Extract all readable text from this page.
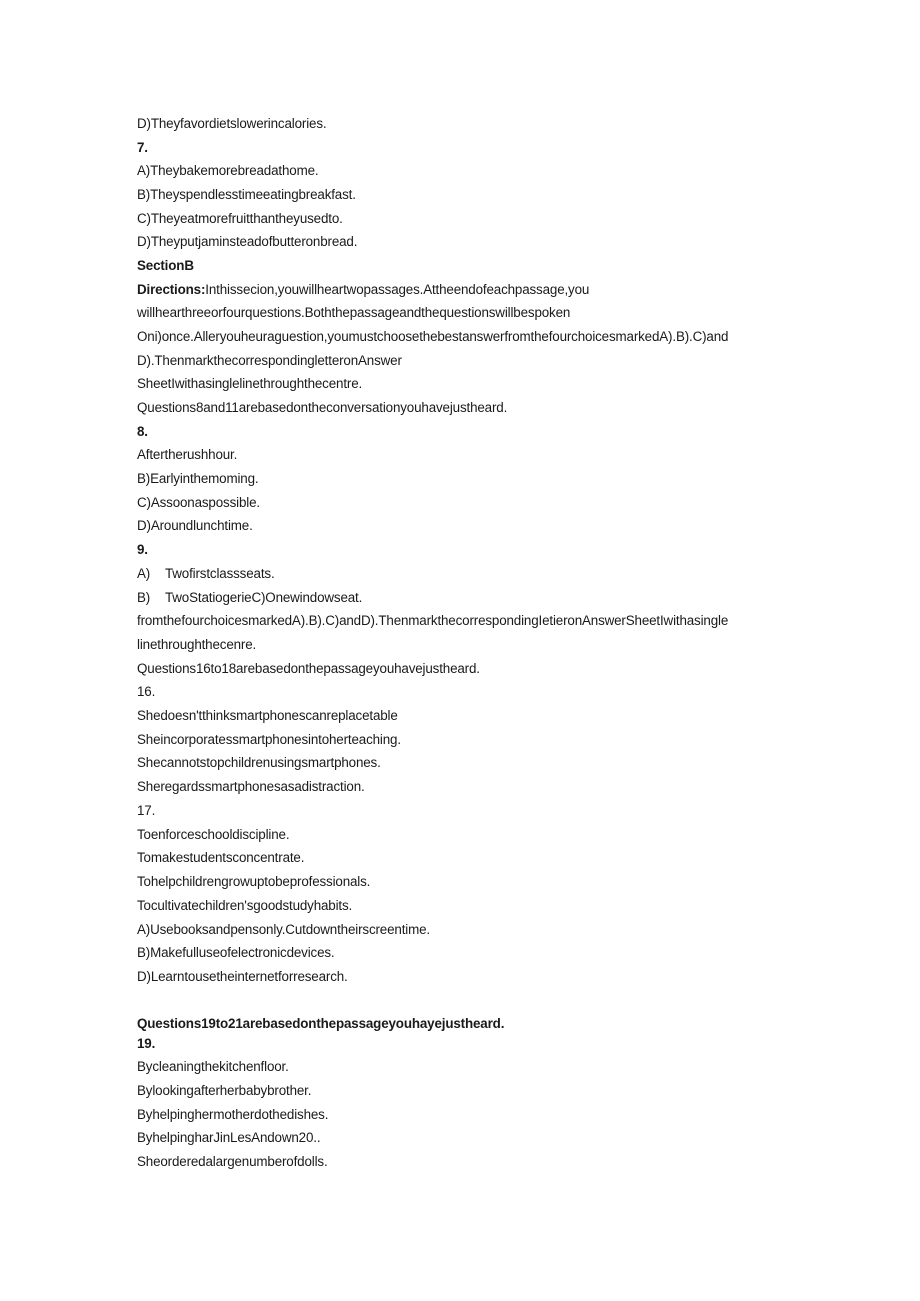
D)Theyfavordietslowerincalories.
7.
A)Theybakemorebreadathome.
B)Theyspendlesstimeeatingbreakfast.
C)Theyeatmorefruitthantheyusedto.
D)Theyputjaminsteadofbutteronbread.
SectionB
Directions:Inthissecion,youwillheartwopassages.Attheendofeachpassage,you
willhearthreeorfourquestions.Boththepassageandthequestionswillbespoken
Oni)once.Alleryouheuraguestion,youmustchoosethebestanswerfromthefourchoicesmarkedA).B).C)and
D).ThenmarkthecorrespondingletteronAnswer
SheetIwithasinglelinethroughthecentre.
Questions8and11arebasedontheconversationyouhavejustheard.
8.
Aftertherushhour.
B)Earlyinthemoming.
C)Assoonaspossible.
D)Aroundlunchtime.
9.
A) Twofirstclassseats.
B) TwoStatiogerieC)Onewindowseat.
fromthefourchoicesmarkedA).B).C)andD).ThenmarkthecorrespondingIetieronAnswerSheetIwithasingle
linethroughthecenre.
Questions16to18arebasedonthepassageyouhavejustheard.
16.
Shedoesn'tthinksmartphonescanreplacetable
Sheincorporatessmartphonesintoherteaching.
Shecannotstopchildrenusingsmartphones.
Sheregardssmartphonesasadistraction.
17.
Toenforceschooldiscipline.
Tomakestudentsconcentrate.
Tohelpchildrengrowuptobeprofessionals.
Tocultivatechildren'sgoodstudyhabits.
A)Usebooksandpensonly.Cutdowntheirscreentime.
B)Makefulluseofelectronicdevices.
D)Learntousetheinternetforresearch.
Questions19to21arebasedonthepassageyouhayejustheard.
19.
Bycleaningthekitchenfloor.
Bylookingafterherbabybrother.
Byhelpinghermotherdothedishes.
ByhelpingharJinLesAndown20..
Sheorderedalargenumberofdolls.
